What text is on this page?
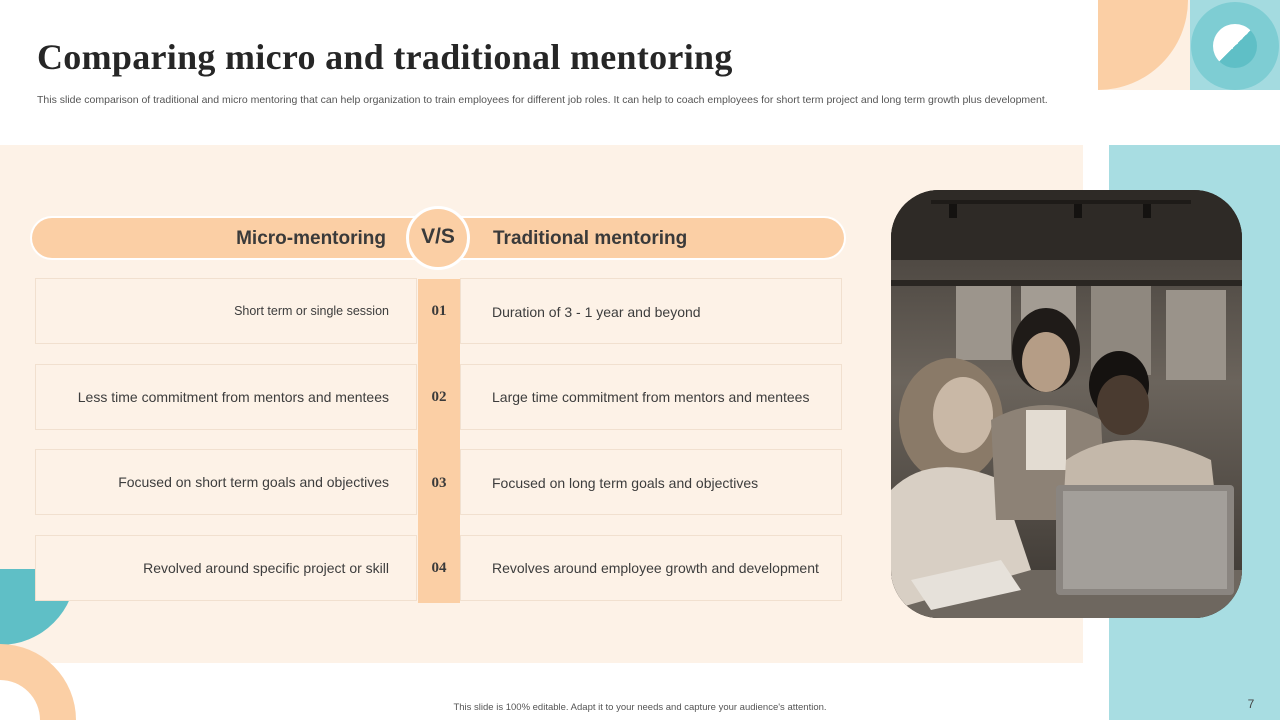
Comparing micro and traditional mentoring

This slide comparison of traditional and micro mentoring that can help organization to train employees for different job roles. It can help to coach employees for short term project and long term growth plus development.

Micro-mentoring	Traditional mentoring
V/S
Short term or single session	01	Duration of 3 - 1 year and beyond
Less time commitment from mentors and mentees	02	Large time commitment from mentors and mentees
Focused on short term goals and objectives	03	Focused on long term goals and objectives
Revolved around specific project or skill	04	Revolves around employee growth and development
This slide is 100% editable. Adapt it to your needs and capture your audience's attention.	7
